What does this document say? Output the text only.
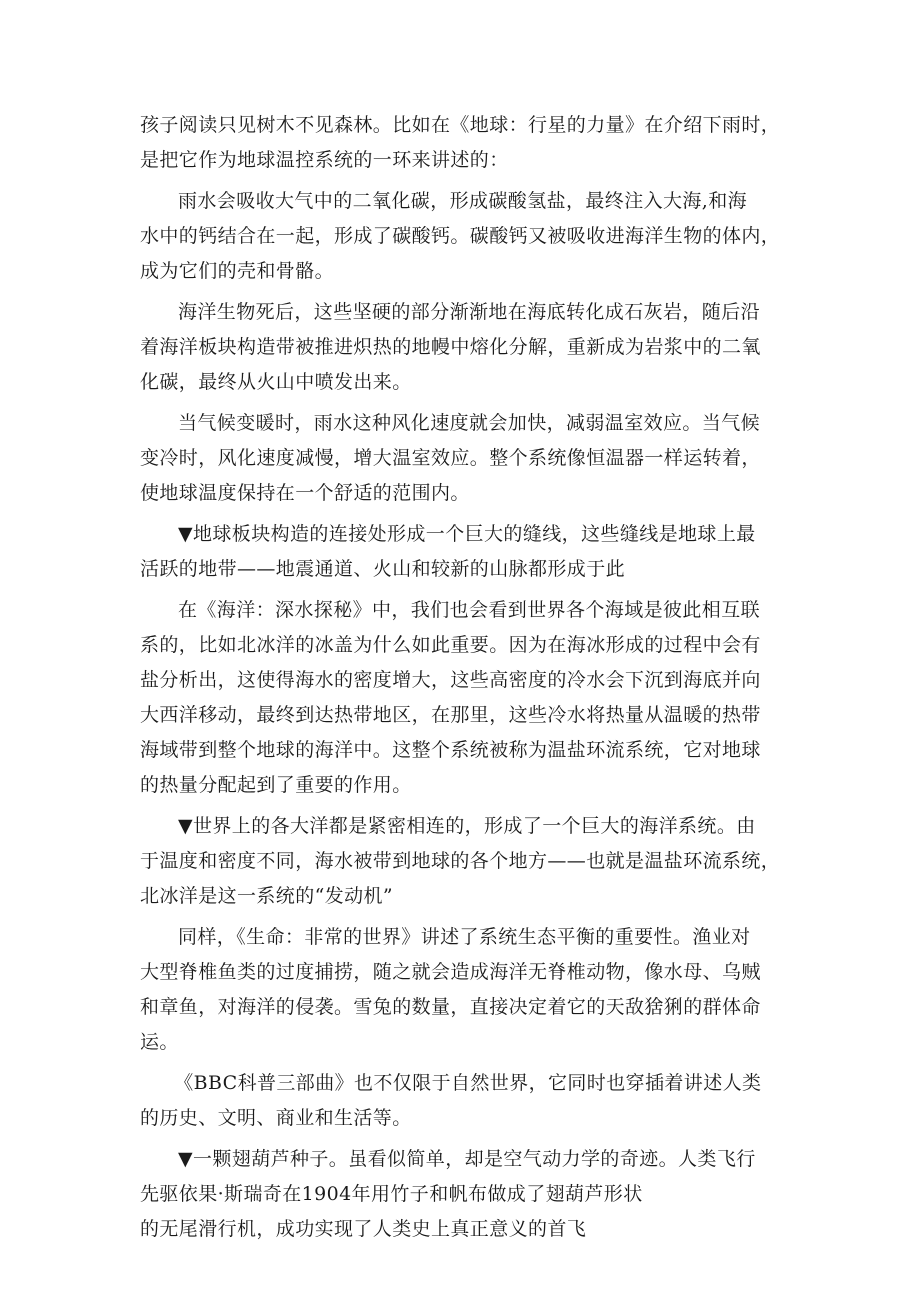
孩子阅读只见树木不见森林。比如在《地球：行星的力量》在介绍下雨时，
是把它作为地球温控系统的一环来讲述的：

雨水会吸收大气中的二氧化碳，形成碳酸氢盐，最终注入大海,和海
水中的钙结合在一起，形成了碳酸钙。碳酸钙又被吸收进海洋生物的体内，
成为它们的壳和骨骼。

海洋生物死后，这些坚硬的部分渐渐地在海底转化成石灰岩，随后沿
着海洋板块构造带被推进炽热的地幔中熔化分解，重新成为岩浆中的二氧
化碳，最终从火山中喷发出来。

当气候变暖时，雨水这种风化速度就会加快，减弱温室效应。当气候
变冷时，风化速度减慢，增大温室效应。整个系统像恒温器一样运转着，
使地球温度保持在一个舒适的范围内。

▼地球板块构造的连接处形成一个巨大的缝线，这些缝线是地球上最
活跃的地带——地震通道、火山和较新的山脉都形成于此

在《海洋：深水探秘》中，我们也会看到世界各个海域是彼此相互联
系的，比如北冰洋的冰盖为什么如此重要。因为在海冰形成的过程中会有
盐分析出，这使得海水的密度增大，这些高密度的冷水会下沉到海底并向
大西洋移动，最终到达热带地区，在那里，这些冷水将热量从温暖的热带
海域带到整个地球的海洋中。这整个系统被称为温盐环流系统，它对地球
的热量分配起到了重要的作用。

▼世界上的各大洋都是紧密相连的，形成了一个巨大的海洋系统。由
于温度和密度不同，海水被带到地球的各个地方——也就是温盐环流系统，
北冰洋是这一系统的“发动机”

同样，《生命：非常的世界》讲述了系统生态平衡的重要性。渔业对
大型脊椎鱼类的过度捕捞，随之就会造成海洋无脊椎动物，像水母、乌贼
和章鱼，对海洋的侵袭。雪兔的数量，直接决定着它的天敌猞猁的群体命
运。

《BBC科普三部曲》也不仅限于自然世界，它同时也穿插着讲述人类
的历史、文明、商业和生活等。

▼一颗翅葫芦种子。虽看似简单，却是空气动力学的奇迹。人类飞行
先驱依果·斯瑞奇在1904年用竹子和帆布做成了翅葫芦形状
的无尾滑行机，成功实现了人类史上真正意义的首飞
